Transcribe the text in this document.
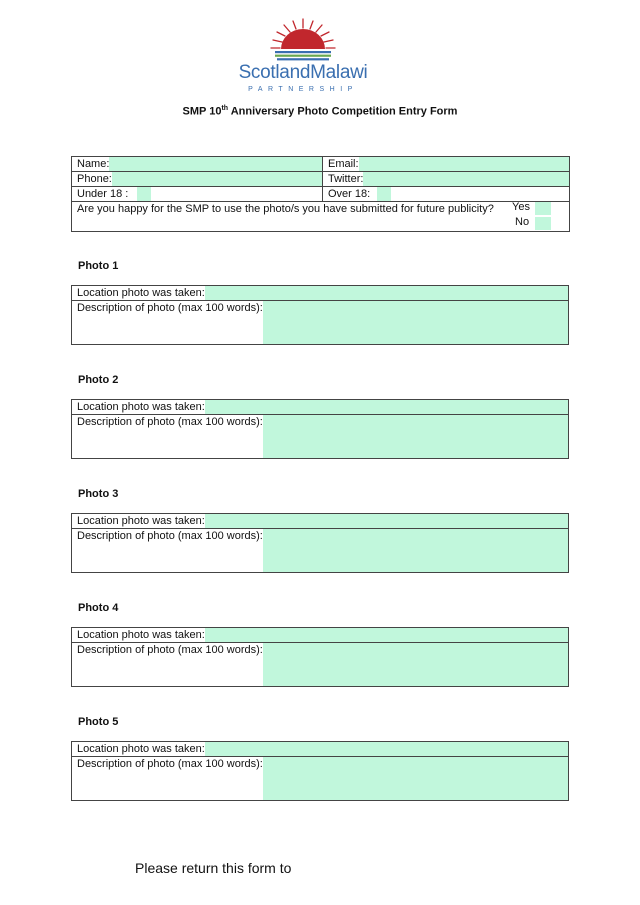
ScotlandMalawi
PARTNERSHIP
SMP 10th Anniversary Photo Competition Entry Form
Name:	Email:

Phone:	Twitter:

Under 18 :	Over 18:

Are you happy for the SMP to use the photo/s you have submitted for future publicity? Yes
No	
Photo 1
Location photo was taken:

Description of photo (max 100 words):
Photo 2
Location photo was taken:

Description of photo (max 100 words):
Photo 3
Location photo was taken:

Description of photo (max 100 words):
Photo 4
Location photo was taken:

Description of photo (max 100 words):
Photo 5
Location photo was taken:

Description of photo (max 100 words):
Please return this form to
